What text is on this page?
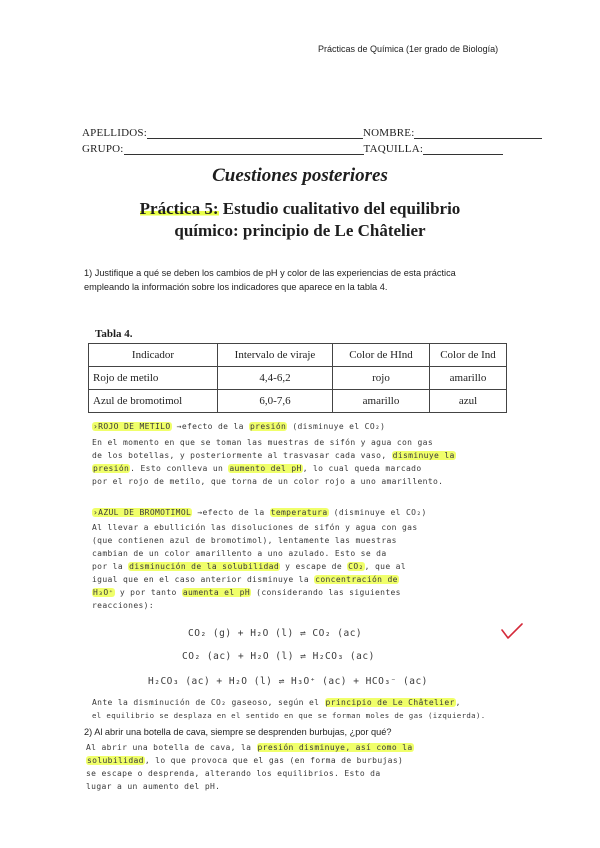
Prácticas de Química (1er grado de Biología)
APELLIDOS:	NOMBRE:
GRUPO:	TAQUILLA:
Cuestiones posteriores
Práctica 5: Estudio cualitativo del equilibrio
químico: principio de Le Châtelier
1) Justifique a qué se deben los cambios de pH y color de las experiencias de esta práctica
empleando la información sobre los indicadores que aparece en la tabla 4.
Tabla 4.
Indicador	Intervalo de viraje	Color de HInd	Color de Ind
Rojo de metilo	4,4-6,2	rojo	amarillo
Azul de bromotimol	6,0-7,6	amarillo	azul
›ROJO DE METILO →efecto de la presión (disminuye el CO₂)
En el momento en que se toman las muestras de sifón y agua con gas
de los botellas, y posteriormente al trasvasar cada vaso, disminuye la
presión. Esto conlleva un aumento del pH, lo cual queda marcado
por el rojo de metilo, que torna de un color rojo a uno amarillento.
›AZUL DE BROMOTIMOL →efecto de la temperatura (disminuye el CO₂)
Al llevar a ebullición las disoluciones de sifón y agua con gas
(que contienen azul de bromotimol), lentamente las muestras
cambian de un color amarillento a uno azulado. Esto se da
por la disminución de la solubilidad y escape de CO₂, que al
igual que en el caso anterior disminuye la concentración de
H₃O⁺ y por tanto aumenta el pH (considerando las siguientes
reacciones):
CO₂ (g) + H₂O (l) ⇌ CO₂ (ac)
CO₂ (ac) + H₂O (l) ⇌ H₂CO₃ (ac)
H₂CO₃ (ac) + H₂O (l) ⇌ H₃O⁺ (ac) + HCO₃⁻ (ac)
Ante la disminución de CO₂ gaseoso, según el principio de Le Châtelier,
el equilibrio se desplaza en el sentido en que se forman moles de gas (izquierda).
2) Al abrir una botella de cava, siempre se desprenden burbujas, ¿por qué?
Al abrir una botella de cava, la presión disminuye, así como la
solubilidad, lo que provoca que el gas (en forma de burbujas)
se escape o desprenda, alterando los equilibrios. Esto da
lugar a un aumento del pH.
